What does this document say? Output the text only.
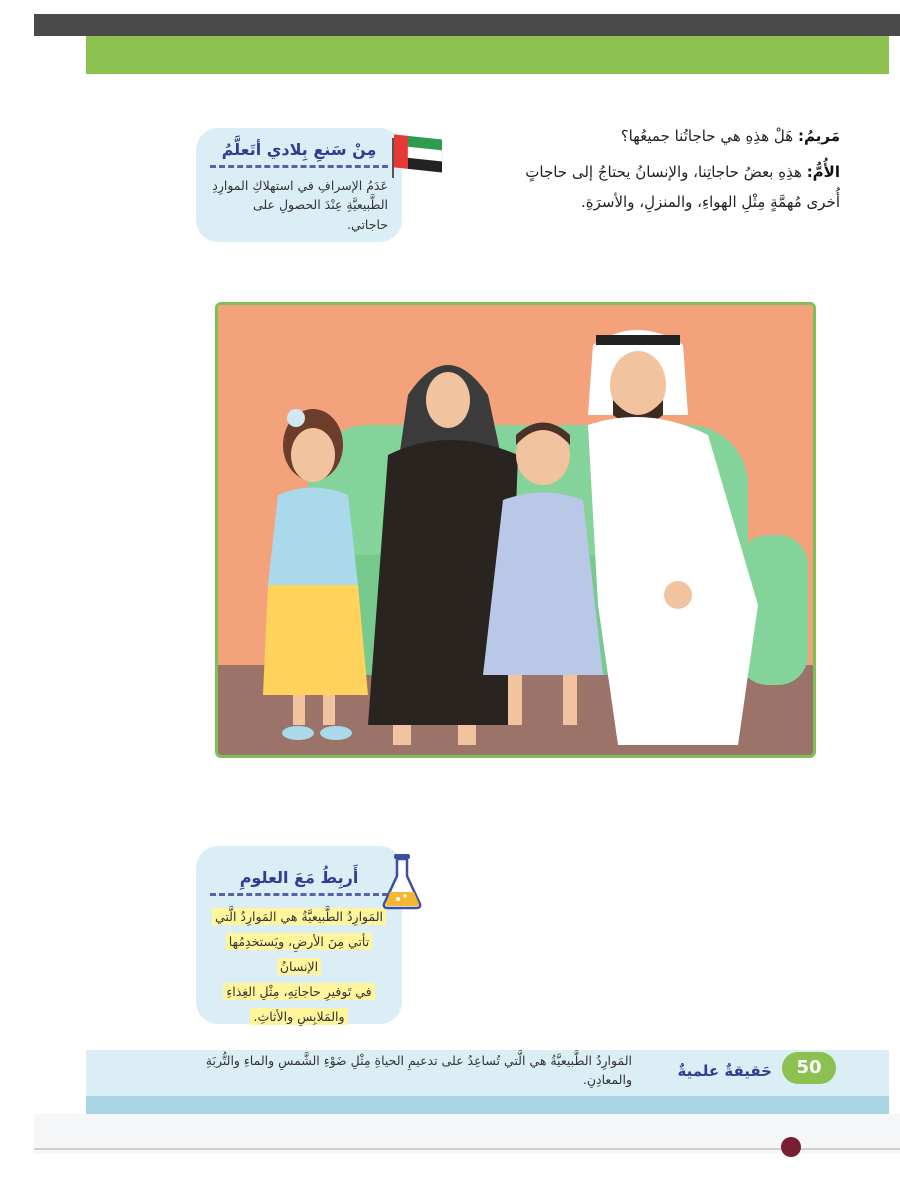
مَريمُ: هَلْ هذِهِ هي حاجاتُنا جميعُها؟

الأُمُّ: هذِهِ بعضُ حاجاتِنا، والإنسانُ يحتاجُ إلى حاجاتٍ

أُخرى مُهمَّةٍ مِثْلِ الهواءِ، والمنزلِ، والأسرَةِ.

مِنْ سَنعِ بِلادي أتَعلَّمُ
عَدَمُ الإسرافِ في استهلاكِ الموارِدِ الطَّبيعيَّةِ عِنْدَ الحصولِ على حاجاتي.
أَربِطُ مَعَ العلومِ
المَوارِدُ الطَّبيعيَّةُ هي المَوارِدُ الَّتي
تأتي مِنَ الأرضِ، ويَستخدِمُها الإنسانُ
في تَوفيرِ حاجاتِهِ، مِثْلِ الغِذاءِ
والمَلابِسِ والأثاثِ.
50
حَقيقةٌ علميةٌ
المَوارِدُ الطَّبيعيَّةُ هي الَّتي تُساعِدُ على تدعيمِ الحياةِ مِثْلِ ضَوْءِ الشَّمسِ والماءِ والتُّربَةِ والمعادِنِ.
